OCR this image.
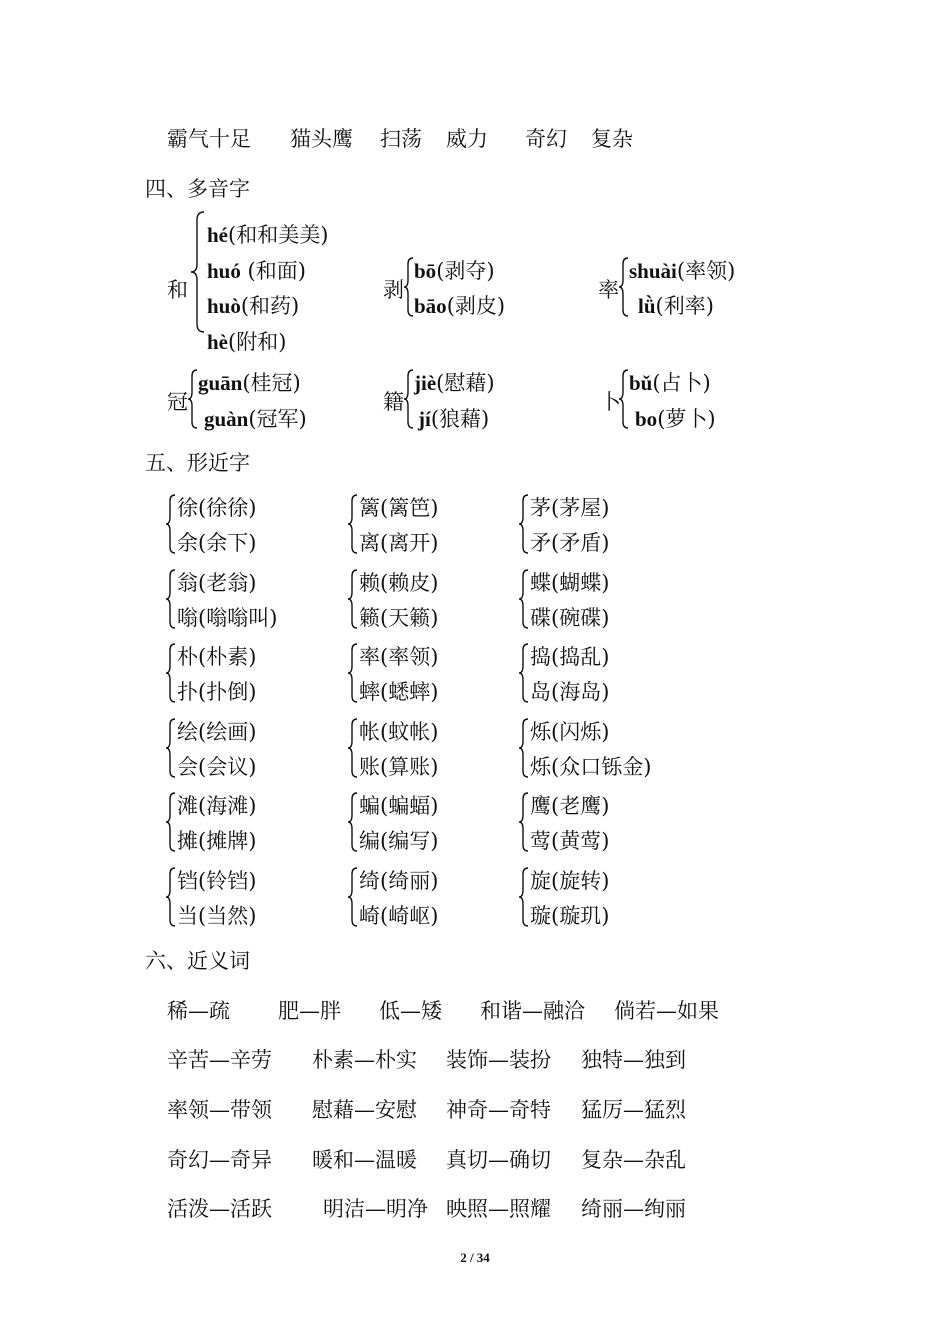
霸气十足 猫头鹰 扫荡 威力 奇幻 复杂
四、多音字
和
hé(和和美美)
huó (和面)
huò(和药)
hè(附和)
剥
bō(剥夺)
bāo(剥皮)
率
shuài(率领)
lǜ(利率)
冠
guān(桂冠)
guàn(冠军)
籍
jiè(慰藉)
jí(狼藉)
卜
bǔ(占卜)
bo(萝卜)
五、形近字
徐(徐徐)
余(余下)
篱(篱笆)
离(离开)
茅(茅屋)
矛(矛盾)
翁(老翁)
嗡(嗡嗡叫)
赖(赖皮)
籁(天籁)
蝶(蝴蝶)
碟(碗碟)
朴(朴素)
扑(扑倒)
率(率领)
蟀(蟋蟀)
捣(捣乱)
岛(海岛)
绘(绘画)
会(会议)
帐(蚊帐)
账(算账)
烁(闪烁)
烁(众口铄金)
滩(海滩)
摊(摊牌)
蝙(蝙蝠)
编(编写)
鹰(老鹰)
莺(黄莺)
铛(铃铛)
当(当然)
绮(绮丽)
崎(崎岖)
旋(旋转)
璇(璇玑)
六、近义词
稀—疏 肥—胖 低—矮 和谐—融洽 倘若—如果
辛苦—辛劳 朴素—朴实 装饰—装扮 独特—独到
率领—带领 慰藉—安慰 神奇—奇特 猛厉—猛烈
奇幻—奇异 暖和—温暖 真切—确切 复杂—杂乱
活泼—活跃 明洁—明净 映照—照耀 绮丽—绚丽
2 / 34
